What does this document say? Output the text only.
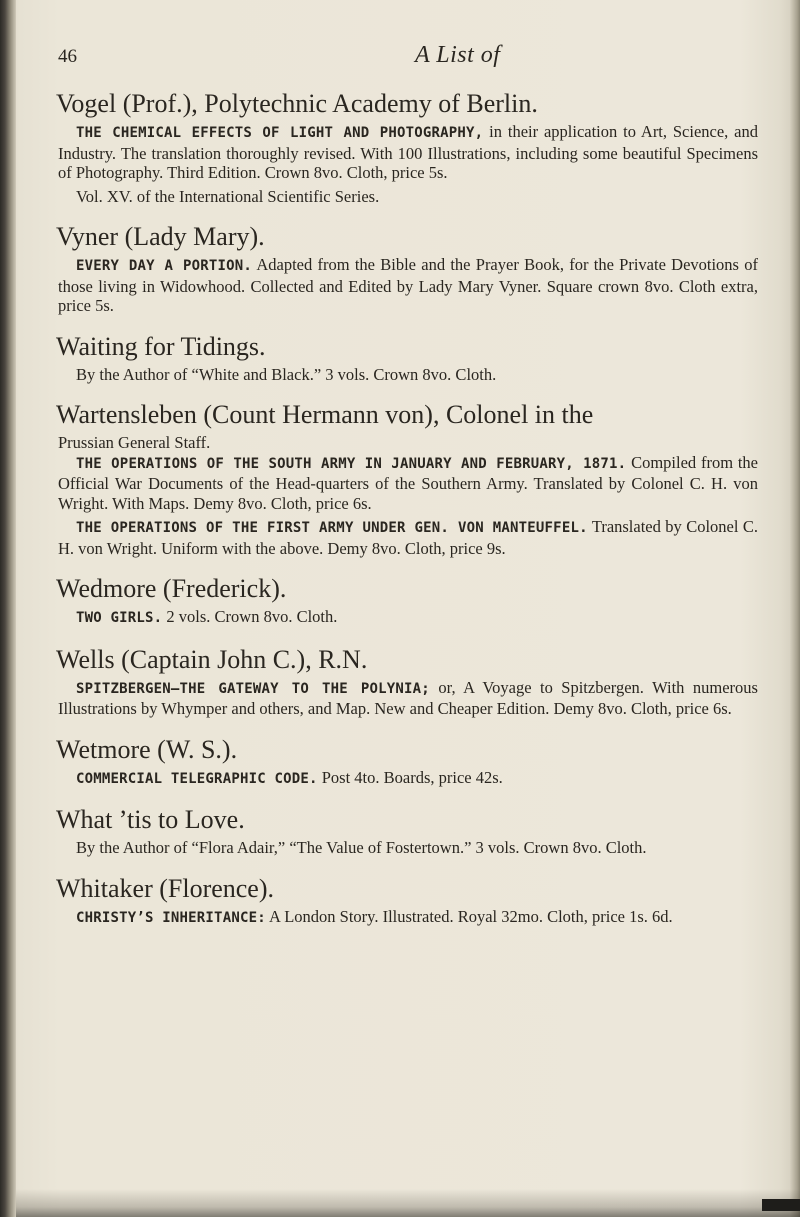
46	A List of
Vogel (Prof.), Polytechnic Academy of Berlin.

THE CHEMICAL EFFECTS OF LIGHT AND PHOTOGRAPHY, in their application to Art, Science, and Industry. The translation thoroughly revised. With 100 Illustrations, including some beautiful Specimens of Photography. Third Edition. Crown 8vo. Cloth, price 5s.

Vol. XV. of the International Scientific Series.

Vyner (Lady Mary).

EVERY DAY A PORTION. Adapted from the Bible and the Prayer Book, for the Private Devotions of those living in Widowhood. Collected and Edited by Lady Mary Vyner. Square crown 8vo. Cloth extra, price 5s.

Waiting for Tidings.

By the Author of “White and Black.” 3 vols. Crown 8vo. Cloth.

Wartensleben (Count Hermann von), Colonel in the

Prussian General Staff.

THE OPERATIONS OF THE SOUTH ARMY IN JANUARY AND FEBRUARY, 1871. Compiled from the Official War Documents of the Head-quarters of the Southern Army. Translated by Colonel C. H. von Wright. With Maps. Demy 8vo. Cloth, price 6s.

THE OPERATIONS OF THE FIRST ARMY UNDER GEN. VON MANTEUFFEL. Translated by Colonel C. H. von Wright. Uniform with the above. Demy 8vo. Cloth, price 9s.

Wedmore (Frederick).

TWO GIRLS. 2 vols. Crown 8vo. Cloth.

Wells (Captain John C.), R.N.

SPITZBERGEN—THE GATEWAY TO THE POLYNIA; or, A Voyage to Spitzbergen. With numerous Illustrations by Whymper and others, and Map. New and Cheaper Edition. Demy 8vo. Cloth, price 6s.

Wetmore (W. S.).

COMMERCIAL TELEGRAPHIC CODE. Post 4to. Boards, price 42s.

What ’tis to Love.

By the Author of “Flora Adair,” “The Value of Fostertown.” 3 vols. Crown 8vo. Cloth.

Whitaker (Florence).

CHRISTY’S INHERITANCE: A London Story. Illustrated. Royal 32mo. Cloth, price 1s. 6d.
